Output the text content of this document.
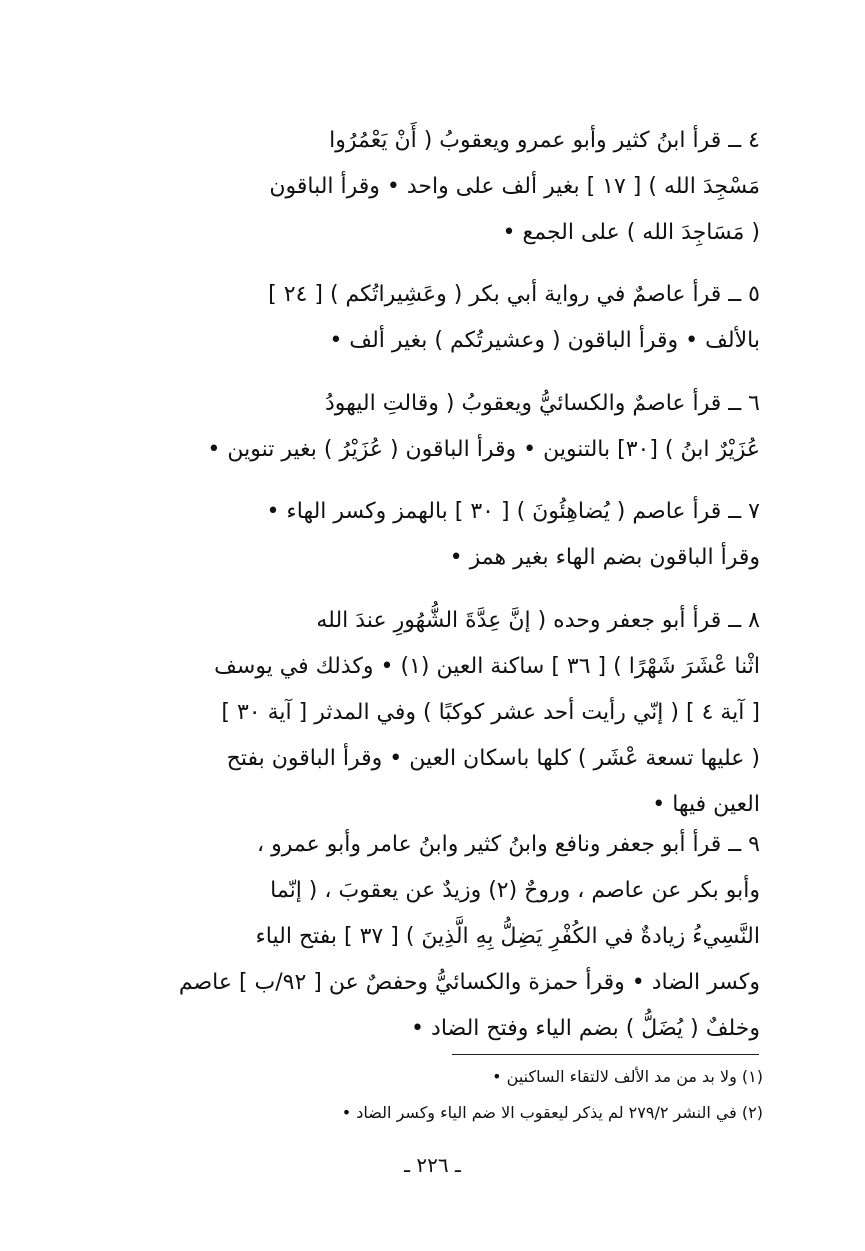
٤ ــ قرأ ابنُ كثير وأبو عمرو ويعقوبُ ( أَنْ يَعْمُرُوا
مَسْجِدَ الله ) [ ١٧ ] بغير ألف على واحد • وقرأ الباقون
( مَسَاجِدَ الله ) على الجمع •
٥ ــ قرأ عاصمٌ في رواية أبي بكر ( وعَشِيراتُكم ) [ ٢٤ ]
بالألف • وقرأ الباقون ( وعشيرتُكم ) بغير ألف •
٦ ــ قرأ عاصمٌ والكسائيُّ ويعقوبُ ( وقالتِ اليهودُ
عُزَيْرٌ ابنُ ) [٣٠] بالتنوين • وقرأ الباقون ( عُزَيْرُ ) بغير تنوين •
٧ ــ قرأ عاصم ( يُضاهِئُونَ ) [ ٣٠ ] بالهمز وكسر الهاء •
وقرأ الباقون بضم الهاء بغير همز •
٨ ــ قرأ أبو جعفر وحده ( إنَّ عِدَّةَ الشُّهُورِ عندَ الله
اثْنا عْشَرَ شَهْرًا ) [ ٣٦ ] ساكنة العين (١) • وكذلك في يوسف
[ آية ٤ ] ( إنّي رأيت أحد عشر كوكبًا ) وفي المدثر [ آية ٣٠ ]
( عليها تسعة عْشَر ) كلها باسكان العين • وقرأ الباقون بفتح
العين فيها •
٩ ــ قرأ أبو جعفر ونافع وابنُ كثير وابنُ عامر وأبو عمرو ،
وأبو بكر عن عاصم ، وروحٌ (٢) وزيدٌ عن يعقوبَ ، ( إنّما
النَّسِيءُ زيادةٌ في الكُفْرِ يَضِلُّ بِهِ الَّذِينَ ) [ ٣٧ ] بفتح الياء
وكسر الضاد • وقرأ حمزة والكسائيُّ وحفصٌ عن [ ٩٢/ب ] عاصم
وخلفٌ ( يُضَلُّ ) بضم الياء وفتح الضاد •
(١) ولا بد من مد الألف لالتقاء الساكنين •
(٢) في النشر ٢٧٩/٢ لم يذكر ليعقوب الا ضم الياء وكسر الضاد •
ـ ٢٢٦ ـ
